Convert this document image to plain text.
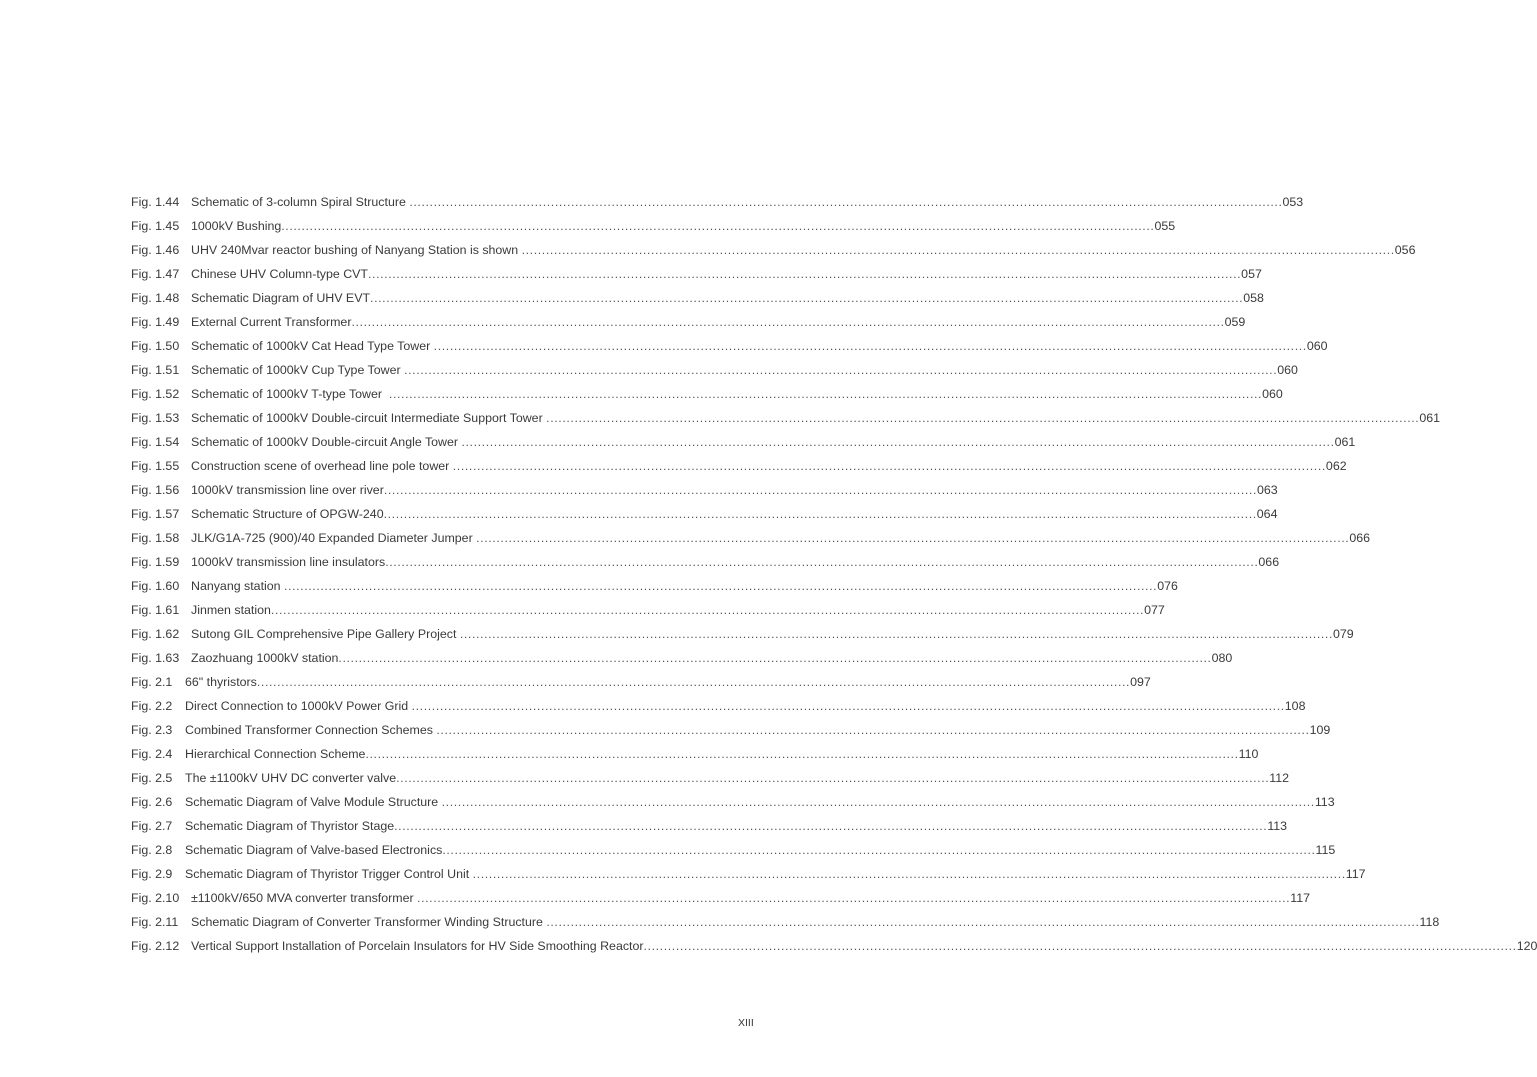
Fig. 1.44 Schematic of 3-column Spiral Structure .....	053
Fig. 1.45 1000kV Bushing .....	055
Fig. 1.46 UHV 240Mvar reactor bushing of Nanyang Station is shown .....	056
Fig. 1.47 Chinese UHV Column-type CVT .....	057
Fig. 1.48 Schematic Diagram of UHV EVT .....	058
Fig. 1.49 External Current Transformer .....	059
Fig. 1.50 Schematic of 1000kV Cat Head Type Tower .....	060
Fig. 1.51 Schematic of 1000kV Cup Type Tower .....	060
Fig. 1.52 Schematic of 1000kV T-type Tower .....	060
Fig. 1.53 Schematic of 1000kV Double-circuit Intermediate Support Tower .....	061
Fig. 1.54 Schematic of 1000kV Double-circuit Angle Tower .....	061
Fig. 1.55 Construction scene of overhead line pole tower .....	062
Fig. 1.56 1000kV transmission line over river .....	063
Fig. 1.57 Schematic Structure of OPGW-240 .....	064
Fig. 1.58 JLK/G1A-725 (900)/40 Expanded Diameter Jumper .....	066
Fig. 1.59 1000kV transmission line insulators .....	066
Fig. 1.60 Nanyang station .....	076
Fig. 1.61 Jinmen station .....	077
Fig. 1.62 Sutong GIL Comprehensive Pipe Gallery Project .....	079
Fig. 1.63 Zaozhuang 1000kV station .....	080
Fig. 2.1	66" thyristors .....	097
Fig. 2.2	Direct Connection to 1000kV Power Grid .....	108
Fig. 2.3	Combined Transformer Connection Schemes .....	109
Fig. 2.4	Hierarchical Connection Scheme .....	110
Fig. 2.5	The ±1100kV UHV DC converter valve .....	112
Fig. 2.6	Schematic Diagram of Valve Module Structure .....	113
Fig. 2.7	Schematic Diagram of Thyristor Stage .....	113
Fig. 2.8	Schematic Diagram of Valve-based Electronics .....	115
Fig. 2.9	Schematic Diagram of Thyristor Trigger Control Unit .....	117
Fig. 2.10 ±1100kV/650 MVA converter transformer .....	117
Fig. 2.11	Schematic Diagram of Converter Transformer Winding Structure .....	118
Fig. 2.12 Vertical Support Installation of Porcelain Insulators for HV Side Smoothing Reactor .....	120
XIII
